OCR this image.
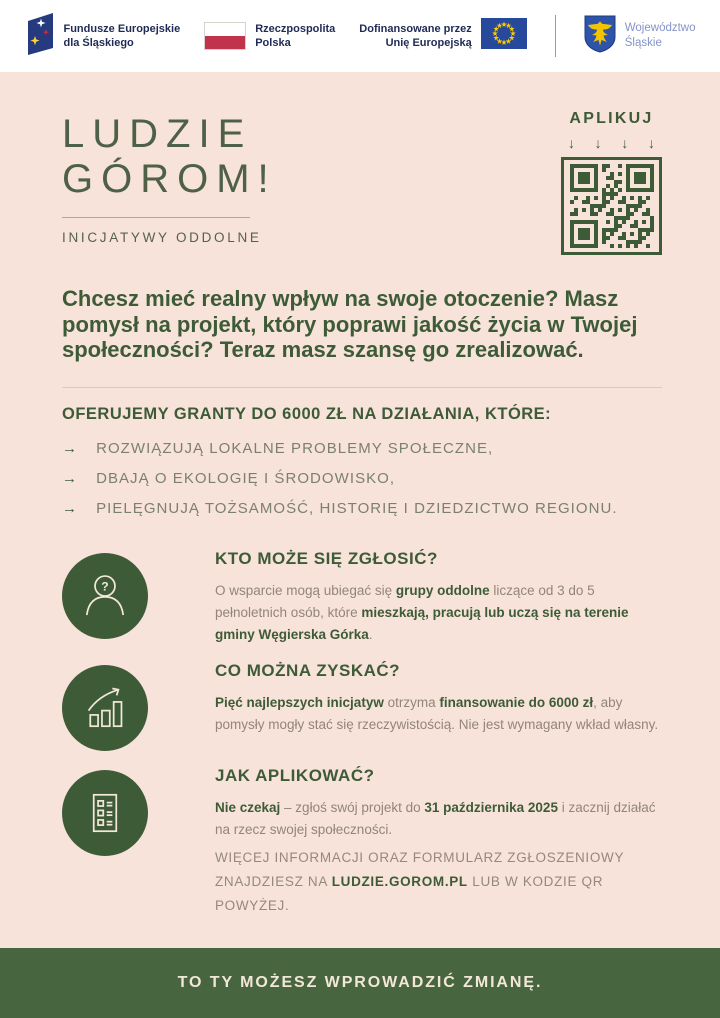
Fundusze Europejskie
dla Śląskiego
Rzeczpospolita
Polska
Dofinansowane przez
Unię Europejską
Województwo
Śląskie
LUDZIE
GÓROM!
INICJATYWY ODDOLNE
APLIKUJ
↓ ↓ ↓ ↓

Chcesz mieć realny wpływ na swoje otoczenie? Masz pomysł na projekt, który poprawi jakość życia w Twojej społeczności? Teraz masz szansę go zrealizować.

OFERUJEMY GRANTY DO 6000 ZŁ NA DZIAŁANIA, KTÓRE:
→ ROZWIĄZUJĄ LOKALNE PROBLEMY SPOŁECZNE,
→ DBAJĄ O EKOLOGIĘ I ŚRODOWISKO,
→ PIELĘGNUJĄ TOŻSAMOŚĆ, HISTORIĘ I DZIEDZICTWO REGIONU.
?
KTO MOŻE SIĘ ZGŁOSIĆ?

O wsparcie mogą ubiegać się grupy oddolne liczące od 3 do 5 pełnoletnich osób, które mieszkają, pracują lub uczą się na terenie gminy Węgierska Górka.

CO MOŻNA ZYSKAĆ?

Pięć najlepszych inicjatyw otrzyma finansowanie do 6000 zł, aby pomysły mogły stać się rzeczywistością. Nie jest wymagany wkład własny.

JAK APLIKOWAĆ?

Nie czekaj – zgłoś swój projekt do 31 października 2025 i zacznij działać na rzecz swojej społeczności.

WIĘCEJ INFORMACJI ORAZ FORMULARZ ZGŁOSZENIOWY
ZNAJDZIESZ NA LUDZIE.GOROM.PL LUB W KODZIE QR POWYŻEJ.
TO TY MOŻESZ WPROWADZIĆ ZMIANĘ.
